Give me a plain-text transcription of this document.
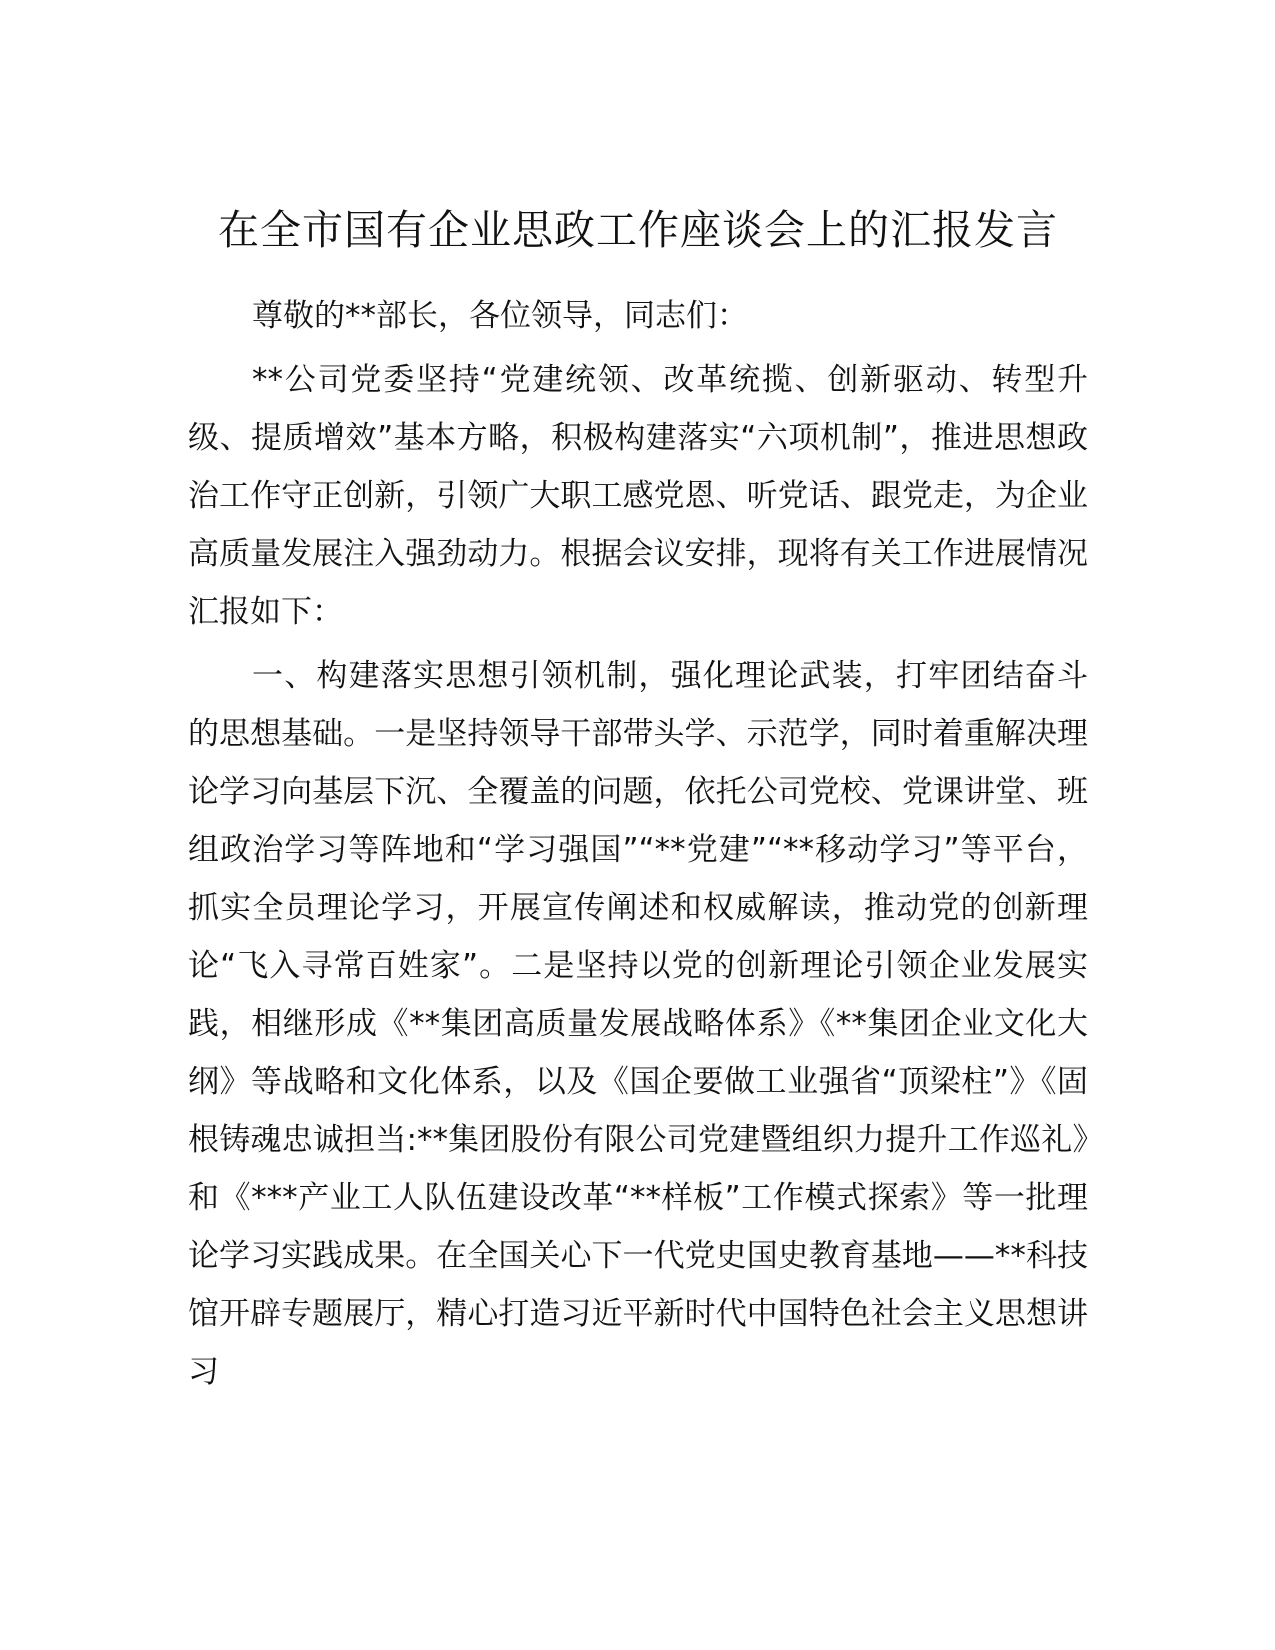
在全市国有企业思政工作座谈会上的汇报发言

尊敬的**部长，各位领导，同志们：

**公司党委坚持“党建统领、改革统揽、创新驱动、转型升级、提质增效”基本方略，积极构建落实“六项机制”，推进思想政治工作守正创新，引领广大职工感党恩、听党话、跟党走，为企业高质量发展注入强劲动力。根据会议安排，现将有关工作进展情况汇报如下：

一、构建落实思想引领机制，强化理论武装，打牢团结奋斗的思想基础。一是坚持领导干部带头学、示范学，同时着重解决理论学习向基层下沉、全覆盖的问题，依托公司党校、党课讲堂、班组政治学习等阵地和“学习强国”“**党建”“**移动学习”等平台，抓实全员理论学习，开展宣传阐述和权威解读，推动党的创新理论“飞入寻常百姓家”。二是坚持以党的创新理论引领企业发展实践，相继形成《**集团高质量发展战略体系》《**集团企业文化大纲》等战略和文化体系，以及《国企要做工业强省“顶梁柱”》《固根铸魂忠诚担当:**集团股份有限公司党建暨组织力提升工作巡礼》和《***产业工人队伍建设改革“**样板”工作模式探索》等一批理论学习实践成果。在全国关心下一代党史国史教育基地——**科技馆开辟专题展厅，精心打造习近平新时代中国特色社会主义思想讲习
